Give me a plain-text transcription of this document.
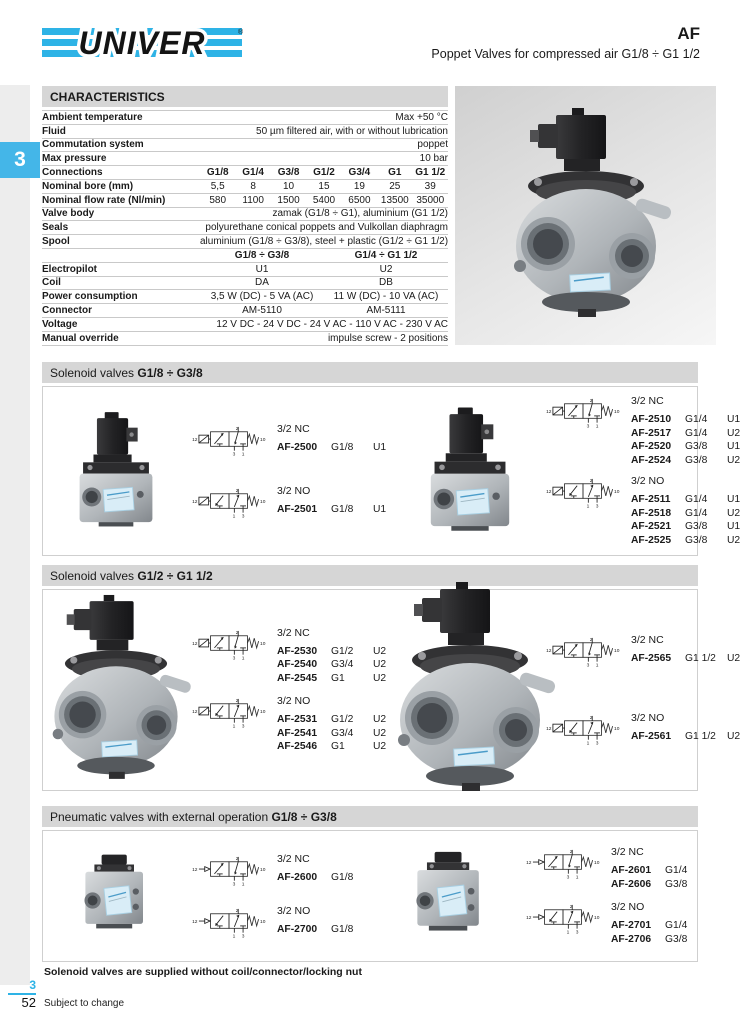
3
UNIVER	®	AF
Poppet Valves for compressed air G1/8 ÷ G1 1/2
CHARACTERISTICS
Ambient temperature	Max +50 °C
Fluid	50 µm filtered air, with or without lubrication
Commutation system	poppet
Max pressure	10 bar
Connections	G1/8	G1/4	G3/8	G1/2	G3/4	G1	G1 1/2
Nominal bore (mm)	5,5	8	10	15	19	25	39
Nominal flow rate (Nl/min)	580	1100	1500	5400	6500	13500 35000
Valve body	zamak (G1/8 ÷ G1), aluminium (G1 1/2)
Seals	polyurethane conical poppets and Vulkollan diaphragm
Spool	aluminium (G1/8 ÷ G3/8), steel + plastic (G1/2 ÷ G1 1/2)
G1/8 ÷ G3/8	G1/4 ÷ G1 1/2
Electropilot	U1	U2
Coil	DA	DB
Power consumption	3,5 W (DC) - 5 VA (AC)	11 W (DC) - 10 VA (AC)
Connector	AM-5110	AM-5111
Voltage	12 V DC - 24 V DC - 24 V AC - 110 V AC - 230 V AC
Manual override	impulse screw - 2 positions
Solenoid valves G1/8 ÷ G3/8
3/2 NC
AF-2500	G1/8	U1
3/2 NO
AF-2501	G1/8	U1
3/2 NC
AF-2510	G1/4	U1
AF-2517	G1/4	U2
AF-2520	G3/8	U1
AF-2524	G3/8	U2
3/2 NO
AF-2511	G1/4	U1
AF-2518	G1/4	U2
AF-2521	G3/8	U1
AF-2525	G3/8	U2
Solenoid valves G1/2 ÷ G1 1/2
3/2 NC
AF-2530	G1/2	U2
AF-2540	G3/4	U2
AF-2545	G1	U2
3/2 NO
AF-2531	G1/2	U2
AF-2541	G3/4	U2
AF-2546	G1	U2
3/2 NC
AF-2565	G1 1/2	U2
3/2 NO
AF-2561	G1 1/2	U2
Pneumatic valves with external operation G1/8 ÷ G3/8
3/2 NC
AF-2600	G1/8
3/2 NO
AF-2700	G1/8
3/2 NC
AF-2601	G1/4
AF-2606	G3/8
3/2 NO
AF-2701	G1/4
AF-2706	G3/8
Solenoid valves are supplied without coil/connector/locking nut
3
52 Subject to change
